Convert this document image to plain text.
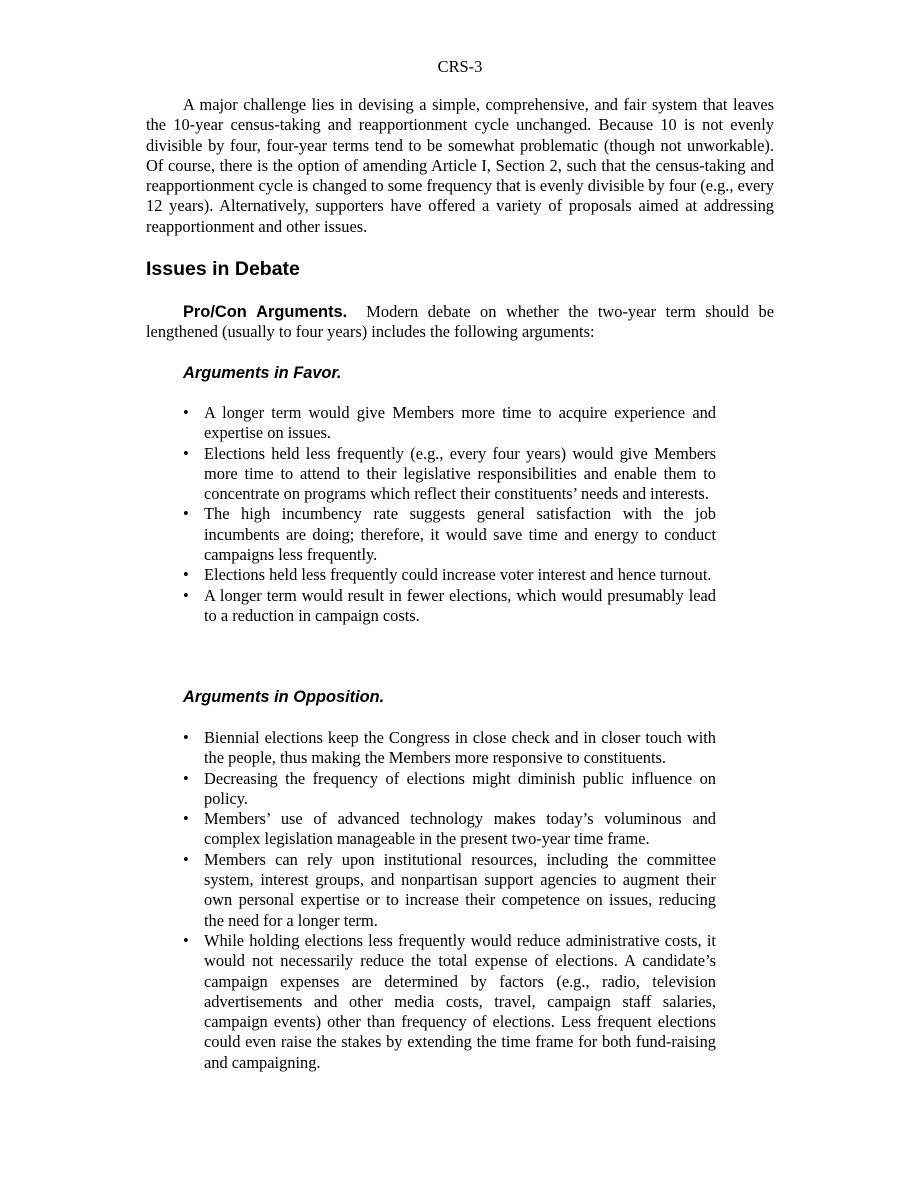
CRS-3

A major challenge lies in devising a simple, comprehensive, and fair system that leaves the 10-year census-taking and reapportionment cycle unchanged. Because 10 is not evenly divisible by four, four-year terms tend to be somewhat problematic (though not unworkable). Of course, there is the option of amending Article I, Section 2, such that the census-taking and reapportionment cycle is changed to some frequency that is evenly divisible by four (e.g., every 12 years). Alternatively, supporters have offered a variety of proposals aimed at addressing reapportionment and other issues.

Issues in Debate

Pro/Con Arguments. Modern debate on whether the two-year term should be lengthened (usually to four years) includes the following arguments:

Arguments in Favor.
• A longer term would give Members more time to acquire experience and expertise on issues.
• Elections held less frequently (e.g., every four years) would give Members more time to attend to their legislative responsibilities and enable them to concentrate on programs which reflect their constituents’ needs and interests.
• The high incumbency rate suggests general satisfaction with the job incumbents are doing; therefore, it would save time and energy to conduct campaigns less frequently.
• Elections held less frequently could increase voter interest and hence turnout.
• A longer term would result in fewer elections, which would presumably lead to a reduction in campaign costs.
Arguments in Opposition.
• Biennial elections keep the Congress in close check and in closer touch with the people, thus making the Members more responsive to constituents.
• Decreasing the frequency of elections might diminish public influence on policy.
• Members’ use of advanced technology makes today’s voluminous and complex legislation manageable in the present two-year time frame.
• Members can rely upon institutional resources, including the committee system, interest groups, and nonpartisan support agencies to augment their own personal expertise or to increase their competence on issues, reducing the need for a longer term.
• While holding elections less frequently would reduce administrative costs, it would not necessarily reduce the total expense of elections. A candidate’s campaign expenses are determined by factors (e.g., radio, television advertisements and other media costs, travel, campaign staff salaries, campaign events) other than frequency of elections. Less frequent elections could even raise the stakes by extending the time frame for both fund-raising and campaigning.
